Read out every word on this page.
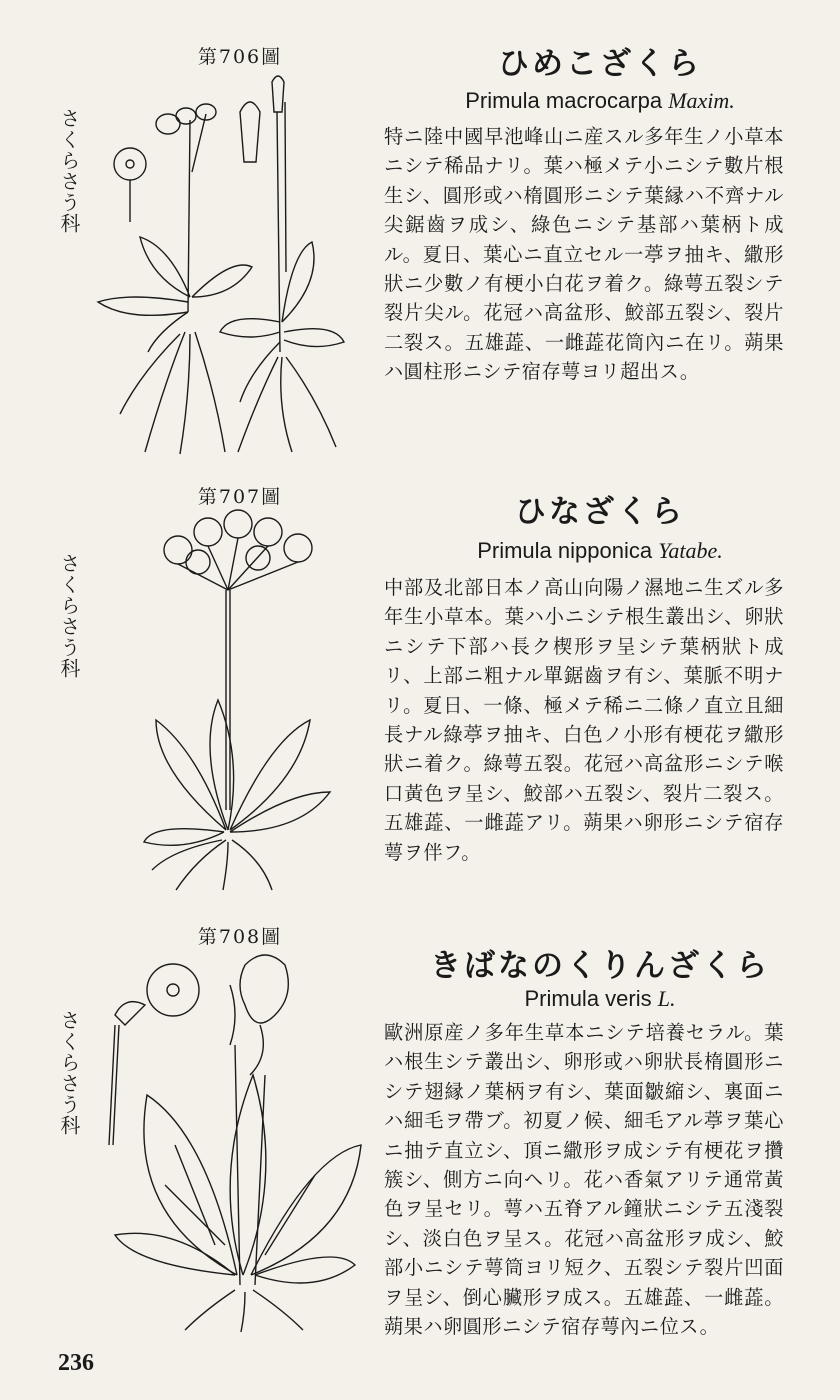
第706圖
さくらさう科
ひめこざくら
Primula macrocarpa Maxim.
特ニ陸中國早池峰山ニ産スル多年生ノ小草本ニシテ稀品ナリ。葉ハ極メテ小ニシテ數片根生シ、圓形或ハ楕圓形ニシテ葉縁ハ不齊ナル尖鋸齒ヲ成シ、綠色ニシテ基部ハ葉柄ト成ル。夏日、葉心ニ直立セル一葶ヲ抽キ、繖形狀ニ少數ノ有梗小白花ヲ着ク。綠萼五裂シテ裂片尖ル。花冠ハ高盆形、鮫部五裂シ、裂片二裂ス。五雄蕋、一雌蕋花筒內ニ在リ。蒴果ハ圓柱形ニシテ宿存萼ヨリ超出ス。
第707圖
さくらさう科
ひなざくら
Primula nipponica Yatabe.
中部及北部日本ノ高山向陽ノ濕地ニ生ズル多年生小草本。葉ハ小ニシテ根生叢出シ、卵狀ニシテ下部ハ長ク楔形ヲ呈シテ葉柄狀ト成リ、上部ニ粗ナル單鋸齒ヲ有シ、葉脈不明ナリ。夏日、一條、極メテ稀ニ二條ノ直立且細長ナル綠葶ヲ抽キ、白色ノ小形有梗花ヲ繖形狀ニ着ク。綠萼五裂。花冠ハ高盆形ニシテ喉口黃色ヲ呈シ、鮫部ハ五裂シ、裂片二裂ス。五雄蕋、一雌蕋アリ。蒴果ハ卵形ニシテ宿存萼ヲ伴フ。
第708圖
さくらさう科
きばなのくりんざくら
Primula veris L.
歐洲原産ノ多年生草本ニシテ培養セラル。葉ハ根生シテ叢出シ、卵形或ハ卵狀長楕圓形ニシテ翅縁ノ葉柄ヲ有シ、葉面皺縮シ、裏面ニハ細毛ヲ帶ブ。初夏ノ候、細毛アル葶ヲ葉心ニ抽テ直立シ、頂ニ繖形ヲ成シテ有梗花ヲ攢簇シ、側方ニ向ヘリ。花ハ香氣アリテ通常黃色ヲ呈セリ。萼ハ五脊アル鐘狀ニシテ五淺裂シ、淡白色ヲ呈ス。花冠ハ高盆形ヲ成シ、鮫部小ニシテ萼筒ヨリ短ク、五裂シテ裂片凹面ヲ呈シ、倒心臟形ヲ成ス。五雄蕋、一雌蕋。蒴果ハ卵圓形ニシテ宿存萼內ニ位ス。
236
